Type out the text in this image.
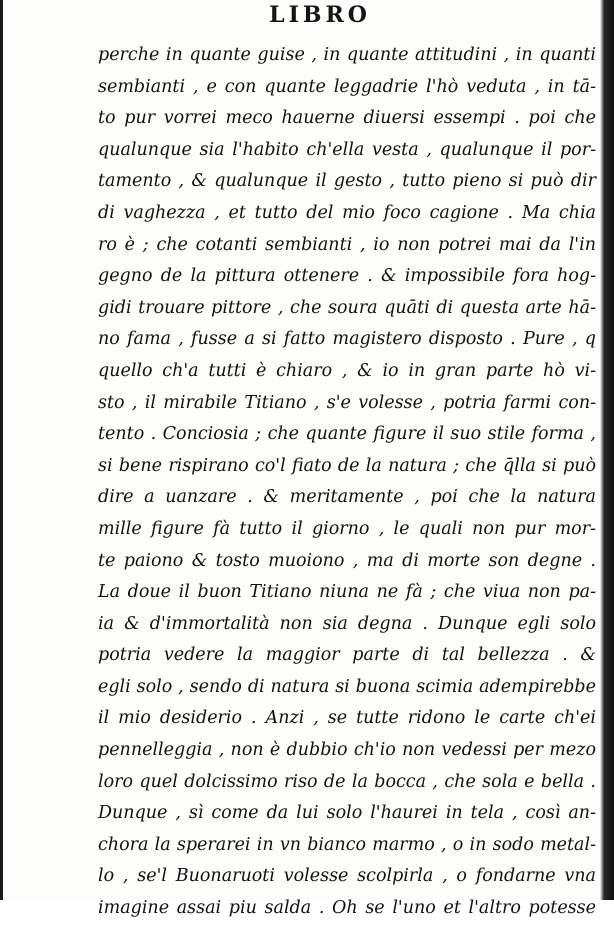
LIBRO
perche in quante guise , in quante attitudini , in quanti
sembianti , e con quante leggadrie l'hò veduta , in tā-
to pur vorrei meco hauerne diuersi essempi . poi che
qualunque sia l'habito ch'ella vesta , qualunque il por-
tamento , & qualunque il gesto , tutto pieno si può dir
di vaghezza , et tutto del mio foco cagione . Ma chia
ro è ; che cotanti sembianti , io non potrei mai da l'in
gegno de la pittura ottenere . & impossibile fora hog-
gidi trouare pittore , che soura quāti di questa arte hā-
no fama , fusse a si fatto magistero disposto . Pure , q
quello ch'a tutti è chiaro , & io in gran parte hò vi-
sto , il mirabile Titiano , s'e volesse , potria farmi con-
tento . Conciosia ; che quante figure il suo stile forma ,
si bene rispirano co'l fiato de la natura ; che q̄lla si può
dire a uanzare . & meritamente , poi che la natura
mille figure fà tutto il giorno , le quali non pur mor-
te paiono & tosto muoiono , ma di morte son degne .
La doue il buon Titiano niuna ne fà ; che viua non pa-
ia & d'immortalità non sia degna . Dunque egli solo
potria vedere la maggior parte di tal bellezza . &
egli solo , sendo di natura si buona scimia adempirebbe
il mio desiderio . Anzi , se tutte ridono le carte ch'ei
pennelleggia , non è dubbio ch'io non vedessi per mezo
loro quel dolcissimo riso de la bocca , che sola e bella .
Dunque , sì come da lui solo l'haurei in tela , così an-
chora la sperarei in vn bianco marmo , o in sodo metal-
lo , se'l Buonaruoti volesse scolpirla , o fondarne vna
imagine assai piu salda . Oh se l'uno et l'altro potesse
